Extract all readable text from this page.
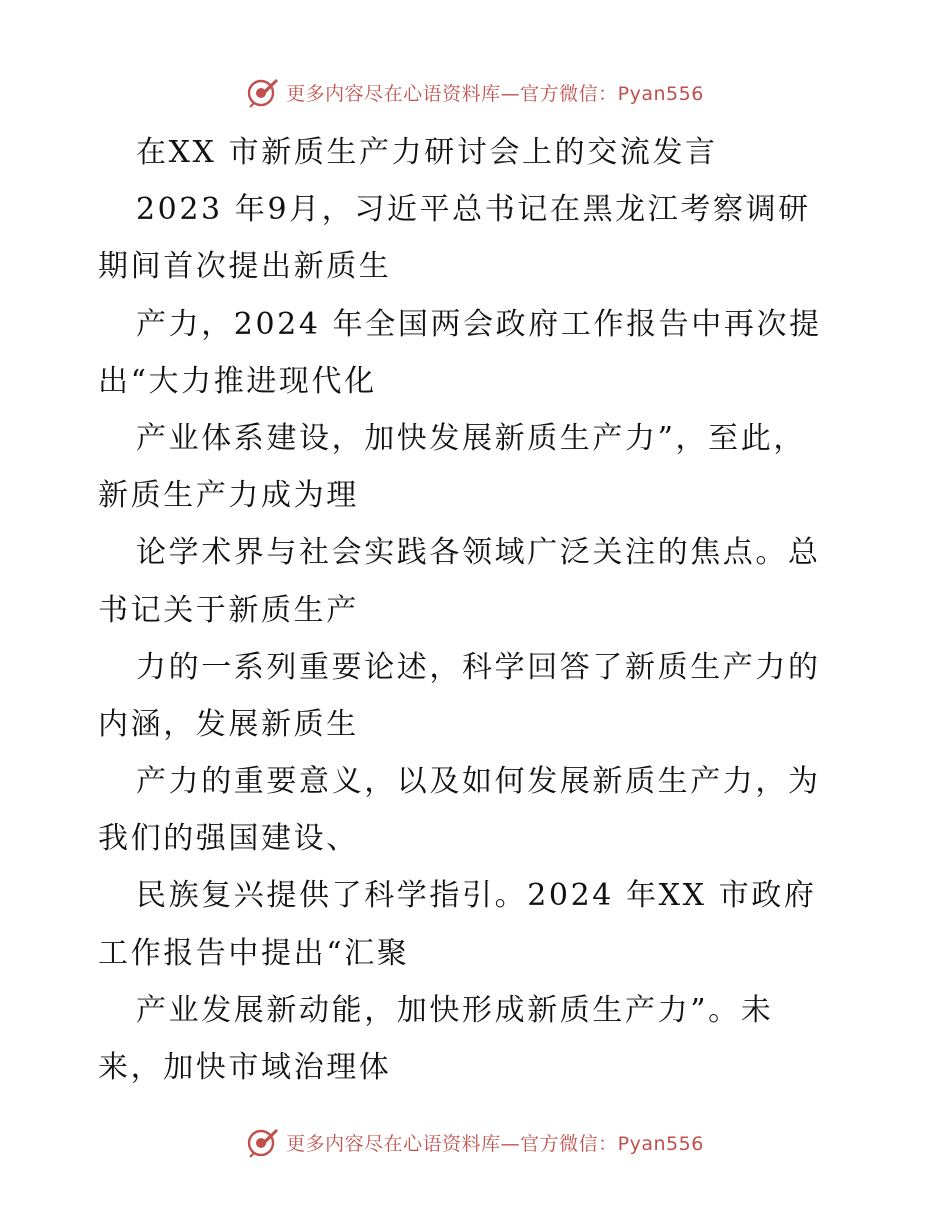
更多内容尽在心语资料库—官方微信：Pyan556
在XX 市新质生产力研讨会上的交流发言
2023 年9月，习近平总书记在黑龙江考察调研
期间首次提出新质生
产力，2024 年全国两会政府工作报告中再次提
出“大力推进现代化
产业体系建设，加快发展新质生产力”，至此，
新质生产力成为理
论学术界与社会实践各领域广泛关注的焦点。总
书记关于新质生产
力的一系列重要论述，科学回答了新质生产力的
内涵，发展新质生
产力的重要意义，以及如何发展新质生产力，为
我们的强国建设、
民族复兴提供了科学指引。2024 年XX 市政府
工作报告中提出“汇聚
产业发展新动能，加快形成新质生产力”。未
来，加快市域治理体
更多内容尽在心语资料库—官方微信：Pyan556
